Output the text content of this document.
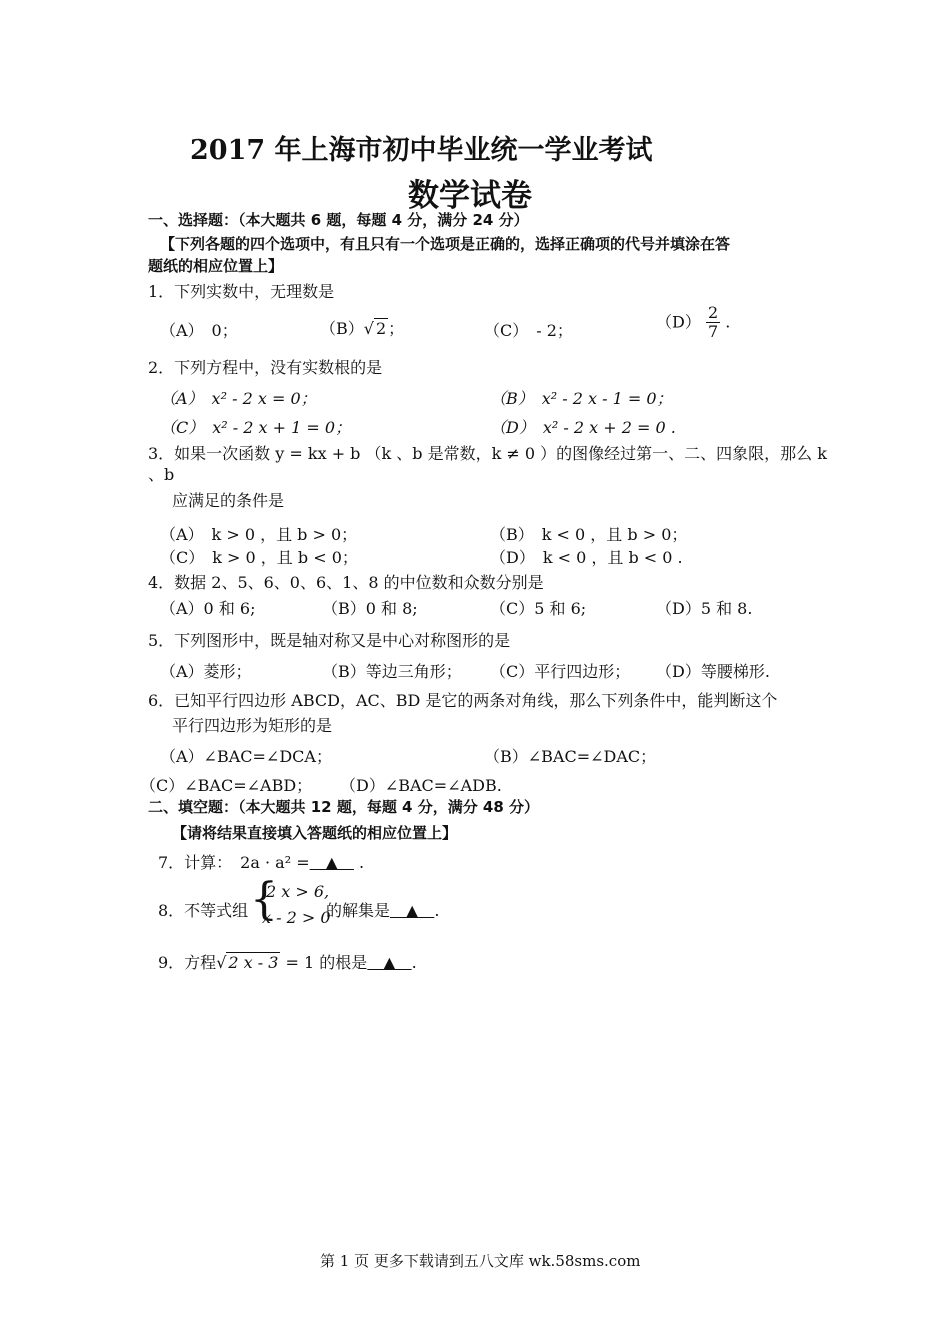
2017 年上海市初中毕业统一学业考试
数学试卷
一、选择题：（本大题共 6 题，每题 4 分，满分 24 分）
【下列各题的四个选项中，有且只有一个选项是正确的，选择正确项的代号并填涂在答
题纸的相应位置上】
1．下列实数中，无理数是
（A）　0；	（B）√ 2 ；	（C）　- 2；	$(D) \frac{2}{7}$ .
2．下列方程中，没有实数根的是
（A）　x² - 2 x = 0；	（B）　x² - 2 x - 1 = 0；
（C）　x² - 2 x + 1 = 0；	（D）　x² - 2 x + 2 = 0 .
3．如果一次函数 y = kx + b （k 、b 是常数，k ≠ 0 ）的图像经过第一、二、四象限，那么 k
、b
应满足的条件是
（A）　k > 0 ，且 b > 0；	（B）　k < 0 ，且 b > 0；
（C）　k > 0 ，且 b < 0；	（D）　k < 0 ，且 b < 0 .
4．数据 2、5、6、0、6、1、8 的中位数和众数分别是
（A）0 和 6;	（B）0 和 8;	（C）5 和 6;	（D）5 和 8.
5．下列图形中，既是轴对称又是中心对称图形的是
（A）菱形；	（B）等边三角形； （C）平行四边形； （D）等腰梯形.
6．已知平行四边形 ABCD，AC、BD 是它的两条对角线，那么下列条件中，能判断这个
平行四边形为矩形的是
（A）∠BAC=∠DCA；	（B）∠BAC=∠DAC；
（C）∠BAC=∠ABD； （D）∠BAC=∠ADB.
二、填空题：（本大题共 12 题，每题 4 分，满分 48 分）
【请将结果直接填入答题纸的相应位置上】
7．计算：　2a · a² =　▲　 .
8．不等式组 {
2 x > 6,
x - 2 > 0
的解集是　▲　.
9．方程√ 2 x - 3 = 1 的根是　▲　.
第 1 页 更多下载请到五八文库 wk.58sms.com
